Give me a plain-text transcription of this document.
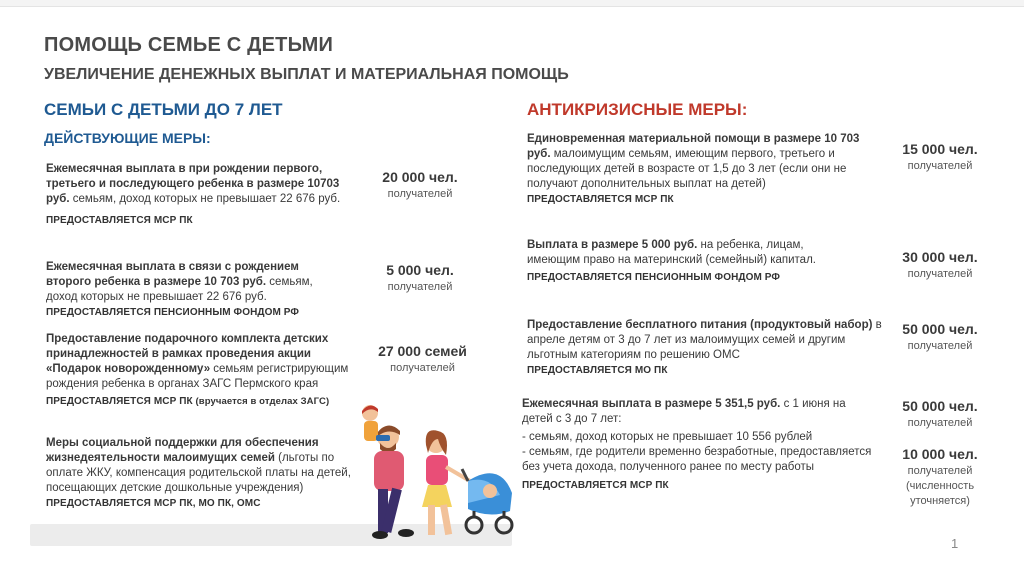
ПОМОЩЬ СЕМЬЕ С ДЕТЬМИ
УВЕЛИЧЕНИЕ ДЕНЕЖНЫХ ВЫПЛАТ И МАТЕРИАЛЬНАЯ ПОМОЩЬ
СЕМЬИ С ДЕТЬМИ ДО 7 ЛЕТ
ДЕЙСТВУЮЩИЕ МЕРЫ:
АНТИКРИЗИСНЫЕ МЕРЫ:
Ежемесячная выплата в при рождении первого, третьего и последующего ребенка в размере 10703 руб. семьям, доход которых не превышает 22 676 руб.
ПРЕДОСТАВЛЯЕТСЯ МСР ПК
20 000 чел.
получателей
Ежемесячная выплата в связи с рождением второго ребенка в размере 10 703 руб. семьям, доход которых не превышает 22 676 руб.
ПРЕДОСТАВЛЯЕТСЯ ПЕНСИОННЫМ ФОНДОМ РФ
5 000 чел.
получателей
Предоставление подарочного комплекта детских принадлежностей в рамках проведения акции «Подарок новорожденному» семьям регистрирующим рождения ребенка в органах ЗАГС Пермского края
ПРЕДОСТАВЛЯЕТСЯ МСР ПК (вручается в отделах ЗАГС)
27 000 семей
получателей
Меры социальной поддержки для обеспечения жизнедеятельности малоимущих семей (льготы по оплате ЖКУ, компенсация родительской платы на детей, посещающих детские дошкольные учреждения)
ПРЕДОСТАВЛЯЕТСЯ МСР ПК, МО ПК, ОМС
Единовременная материальной помощи в размере 10 703 руб. малоимущим семьям, имеющим первого, третьего и последующих детей в возрасте от 1,5 до 3 лет (если они не получают дополнительных выплат на детей)
ПРЕДОСТАВЛЯЕТСЯ МСР ПК
15 000 чел.
получателей
Выплата в размере 5 000 руб. на ребенка, лицам, имеющим право на материнский (семейный) капитал.
ПРЕДОСТАВЛЯЕТСЯ ПЕНСИОННЫМ ФОНДОМ РФ
30 000 чел.
получателей
Предоставление бесплатного питания (продуктовый набор) в апреле детям от 3 до 7 лет из малоимущих семей и другим льготным категориям по решению ОМС
ПРЕДОСТАВЛЯЕТСЯ МО ПК
50 000 чел.
получателей
Ежемесячная выплата в размере 5 351,5 руб. с 1 июня на детей с 3 до 7 лет:
- семьям, доход которых не превышает 10 556 рублей
- семьям, где родители временно безработные, предоставляется без учета дохода, полученного ранее по месту работы
ПРЕДОСТАВЛЯЕТСЯ МСР ПК
50 000 чел.
получателей
10 000 чел.
получателей
(численность уточняется)
1
